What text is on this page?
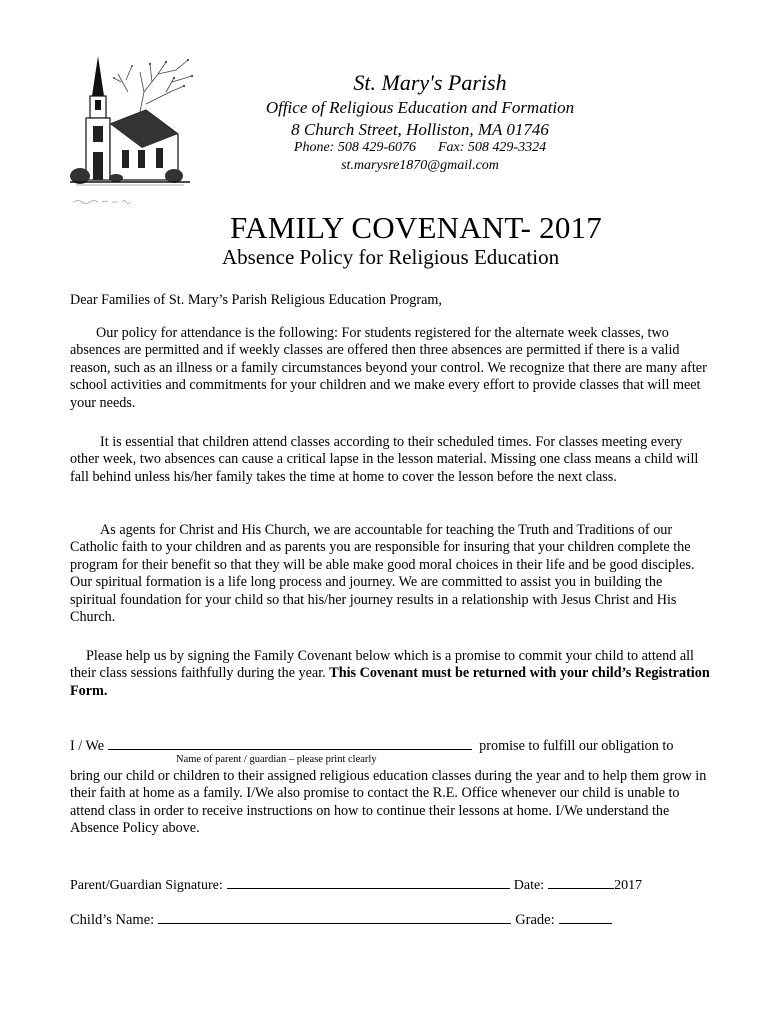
St. Mary's Parish
Office of Religious Education and Formation
8 Church Street, Holliston, MA 01746
Phone: 508 429-6076 Fax: 508 429-3324
st.marysre1870@gmail.com
FAMILY COVENANT- 2017
Absence Policy for Religious Education
Dear Families of St. Mary’s Parish Religious Education Program,
Our policy for attendance is the following: For students registered for the alternate week classes, two absences are permitted and if weekly classes are offered then three absences are permitted if there is a valid reason, such as an illness or a family circumstances beyond your control. We recognize that there are many after school activities and commitments for your children and we make every effort to provide classes that will meet your needs.
It is essential that children attend classes according to their scheduled times. For classes meeting every other week, two absences can cause a critical lapse in the lesson material. Missing one class means a child will fall behind unless his/her family takes the time at home to cover the lesson before the next class.
As agents for Christ and His Church, we are accountable for teaching the Truth and Traditions of our Catholic faith to your children and as parents you are responsible for insuring that your children complete the program for their benefit so that they will be able make good moral choices in their life and be good disciples. Our spiritual formation is a life long process and journey. We are committed to assist you in building the spiritual foundation for your child so that his/her journey results in a relationship with Jesus Christ and His Church.
Please help us by signing the Family Covenant below which is a promise to commit your child to attend all their class sessions faithfully during the year. This Covenant must be returned with your child’s Registration Form.
I / We	promise to fulfill our obligation to
Name of parent / guardian – please print clearly
bring our child or children to their assigned religious education classes during the year and to help them grow in their faith at home as a family. I/We also promise to contact the R.E. Office whenever our child is unable to attend class in order to receive instructions on how to continue their lessons at home. I/We understand the Absence Policy above.
Parent/Guardian Signature:	Date:	2017
Child’s Name:	Grade:
